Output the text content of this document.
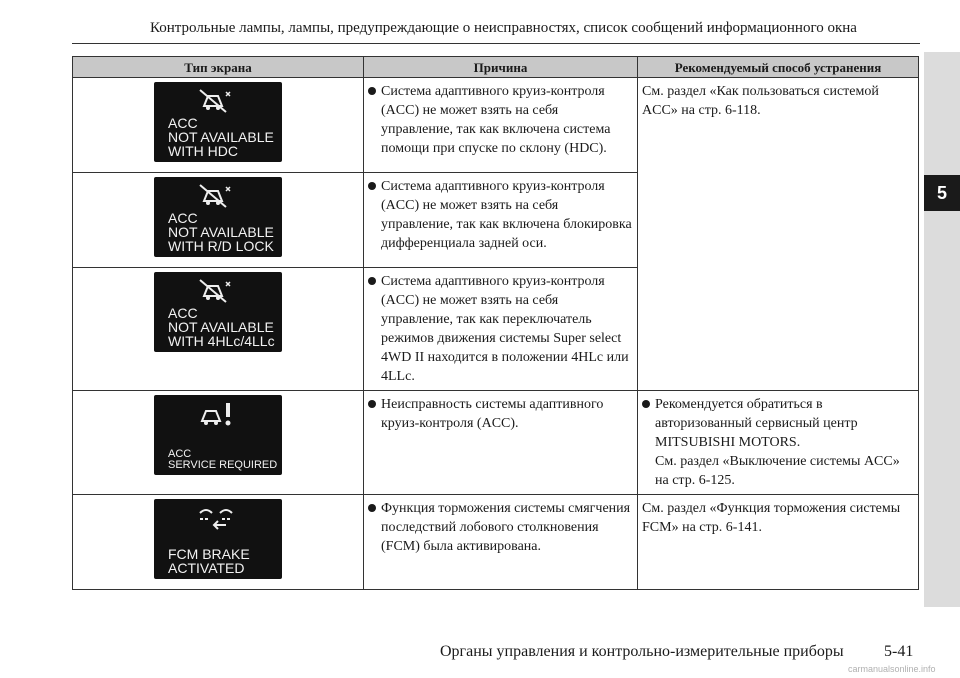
Контрольные лампы, лампы, предупреждающие о неисправностях, список сообщений информационного окна
5
Тип экрана	Причина	Рекомендуемый способ устранения

ACC
NOT AVAILABLE
WITH HDC	Система адаптивного круиз-контроля (ACC) не может взять на себя управление, так как включена система помощи при спуске по склону (HDC).	См. раздел «Как пользоваться системой ACC» на стр. 6-118.

ACC
NOT AVAILABLE
WITH R/D LOCK	Система адаптивного круиз-контроля (ACC) не может взять на себя управление, так как включена блокировка дифференциала задней оси.	

ACC
NOT AVAILABLE
WITH 4HLc/4LLc	Система адаптивного круиз-контроля (ACC) не может взять на себя управление, так как переключатель режимов движения системы Super select 4WD II находится в положении 4HLc или 4LLc.	

ACC
SERVICE REQUIRED	Неисправность системы адаптивного круиз-контроля (ACC).	Рекомендуется обратиться в авторизованный сервисный центр MITSUBISHI MOTORS.
См. раздел «Выключение системы ACC» на стр. 6-125.

FCM BRAKE
ACTIVATED	Функция торможения системы смягчения последствий лобового столкновения (FCM) была активирована.	См. раздел «Функция торможения системы FCM» на стр. 6-141.
Органы управления и контрольно-измерительные приборы	5-41
carmanualsonline.info
